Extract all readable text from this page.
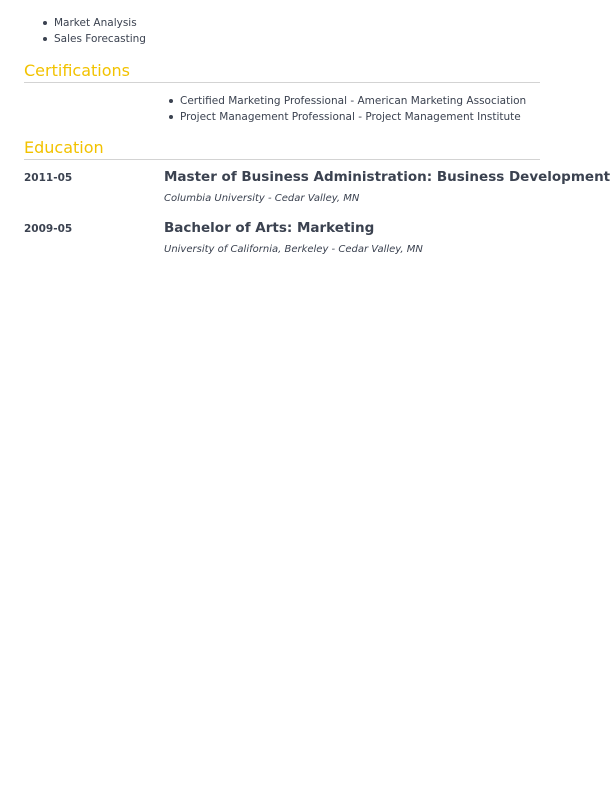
Market Analysis
Sales Forecasting
Certifications
Certified Marketing Professional - American Marketing Association
Project Management Professional - Project Management Institute
Education
2011-05	Master of Business Administration: Business Development
Columbia University - Cedar Valley, MN
2009-05	Bachelor of Arts: Marketing
University of California, Berkeley - Cedar Valley, MN
